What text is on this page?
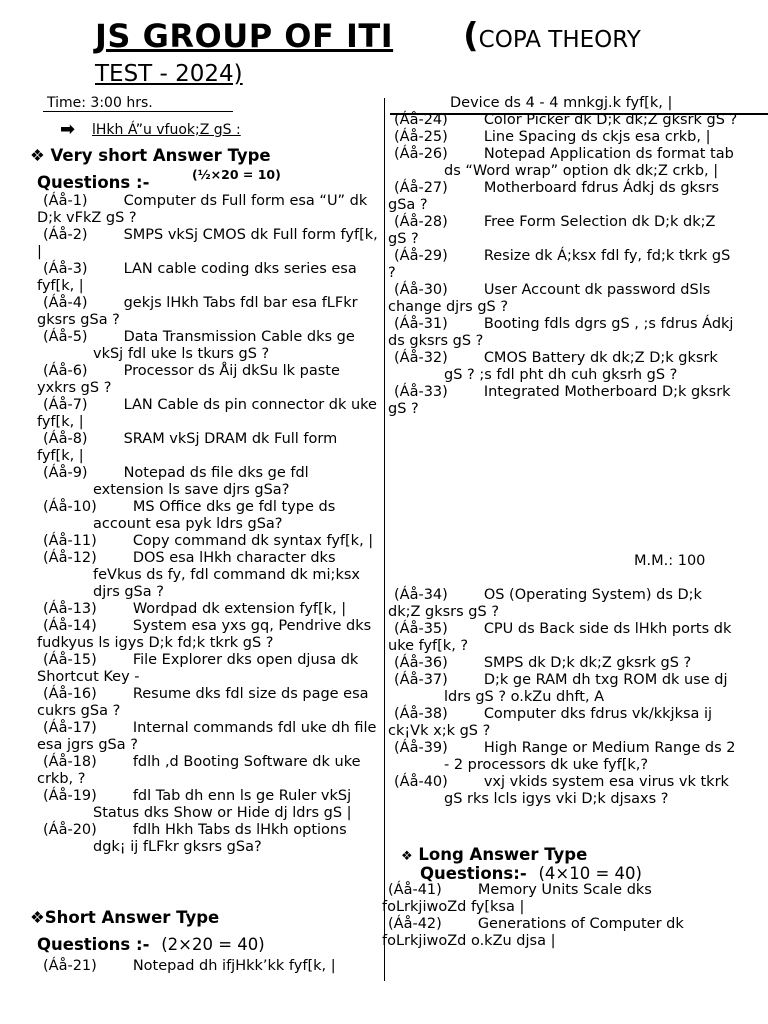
JS GROUP OF ITI (COPA THEORY
TEST - 2024)
Time: 3:00 hrs.
➡ lHkh Á”u vfuok;Z gS :
❖ Very short Answer Type
Questions :-	(½×20 = 10)
(Áå-1) Computer ds Full form esa “U” dk D;k vFkZ gS ?
(Áå-2) SMPS vkSj CMOS dk Full form fyf[k, |
(Áå-3) LAN cable coding dks series esa fyf[k, |
(Áå-4) gekjs lHkh Tabs fdl bar esa fLFkr gksrs gSa ?
(Áå-5) Data Transmission Cable dks ge vkSj fdl uke ls tkurs gS ?
(Áå-6) Processor ds Åij dkSu lk paste yxkrs gS ?
(Áå-7) LAN Cable ds pin connector dk uke fyf[k, |
(Áå-8) SRAM vkSj DRAM dk Full form fyf[k, |
(Áå-9) Notepad ds file dks ge fdl extension ls save djrs gSa?
(Áå-10) MS Office dks ge fdl type ds account esa pyk ldrs gSa?
(Áå-11) Copy command dk syntax fyf[k, |
(Áå-12) DOS esa lHkh character dks feVkus ds fy, fdl command dk mi;ksx djrs gSa ?
(Áå-13) Wordpad dk extension fyf[k, |
(Áå-14) System esa yxs gq, Pendrive dks fudkyus ls igys D;k fd;k tkrk gS ?
(Áå-15) File Explorer dks open djusa dk Shortcut Key -
(Áå-16) Resume dks fdl size ds page esa cukrs gSa ?
(Áå-17) Internal commands fdl uke dh file esa jgrs gSa ?
(Áå-18) fdlh ,d Booting Software dk uke crkb, ?
(Áå-19) fdl Tab dh enn ls ge Ruler vkSj Status dks Show or Hide dj ldrs gS |
(Áå-20) fdlh Hkh Tabs ds lHkh options dgk¡ ij fLFkr gksrs gSa?
❖Short Answer Type
Questions :- (2×20 = 40)
(Áå-21) Notepad dh ifjHkk’kk fyf[k, |
Device ds 4 - 4 mnkgj.k fyf[k, |
(Áå-24) Color Picker dk D;k dk;Z gksrk gS ?
(Áå-25) Line Spacing ds ckjs esa crkb, |
(Áå-26) Notepad Application ds format tab ds “Word wrap” option dk dk;Z crkb, |
(Áå-27) Motherboard fdrus Ádkj ds gksrs gSa ?
(Áå-28) Free Form Selection dk D;k dk;Z gS ?
(Áå-29) Resize dk Á;ksx fdl fy, fd;k tkrk gS ?
(Áå-30) User Account dk password dSls change djrs gS ?
(Áå-31) Booting fdls dgrs gS , ;s fdrus Ádkj ds gksrs gS ?
(Áå-32) CMOS Battery dk dk;Z D;k gksrk gS ? ;s fdl pht dh cuh gksrh gS ?
(Áå-33) Integrated Motherboard D;k gksrk gS ?
M.M.: 100
(Áå-34) OS (Operating System) ds D;k dk;Z gksrs gS ?
(Áå-35) CPU ds Back side ds lHkh ports dk uke fyf[k, ?
(Áå-36) SMPS dk D;k dk;Z gksrk gS ?
(Áå-37) D;k ge RAM dh txg ROM dk use dj ldrs gS ? o.kZu dhft, A
(Áå-38) Computer dks fdrus vk/kkjksa ij ck¡Vk x;k gS ?
(Áå-39) High Range or Medium Range ds 2 - 2 processors dk uke fyf[k,?
(Áå-40) vxj vkids system esa virus vk tkrk gS rks lcls igys vki D;k djsaxs ?
❖ Long Answer Type
Questions:- (4×10 = 40)
(Áå-41) Memory Units Scale dks foLrkjiwoZd fy[ksa |
(Áå-42) Generations of Computer dk foLrkjiwoZd o.kZu djsa |
